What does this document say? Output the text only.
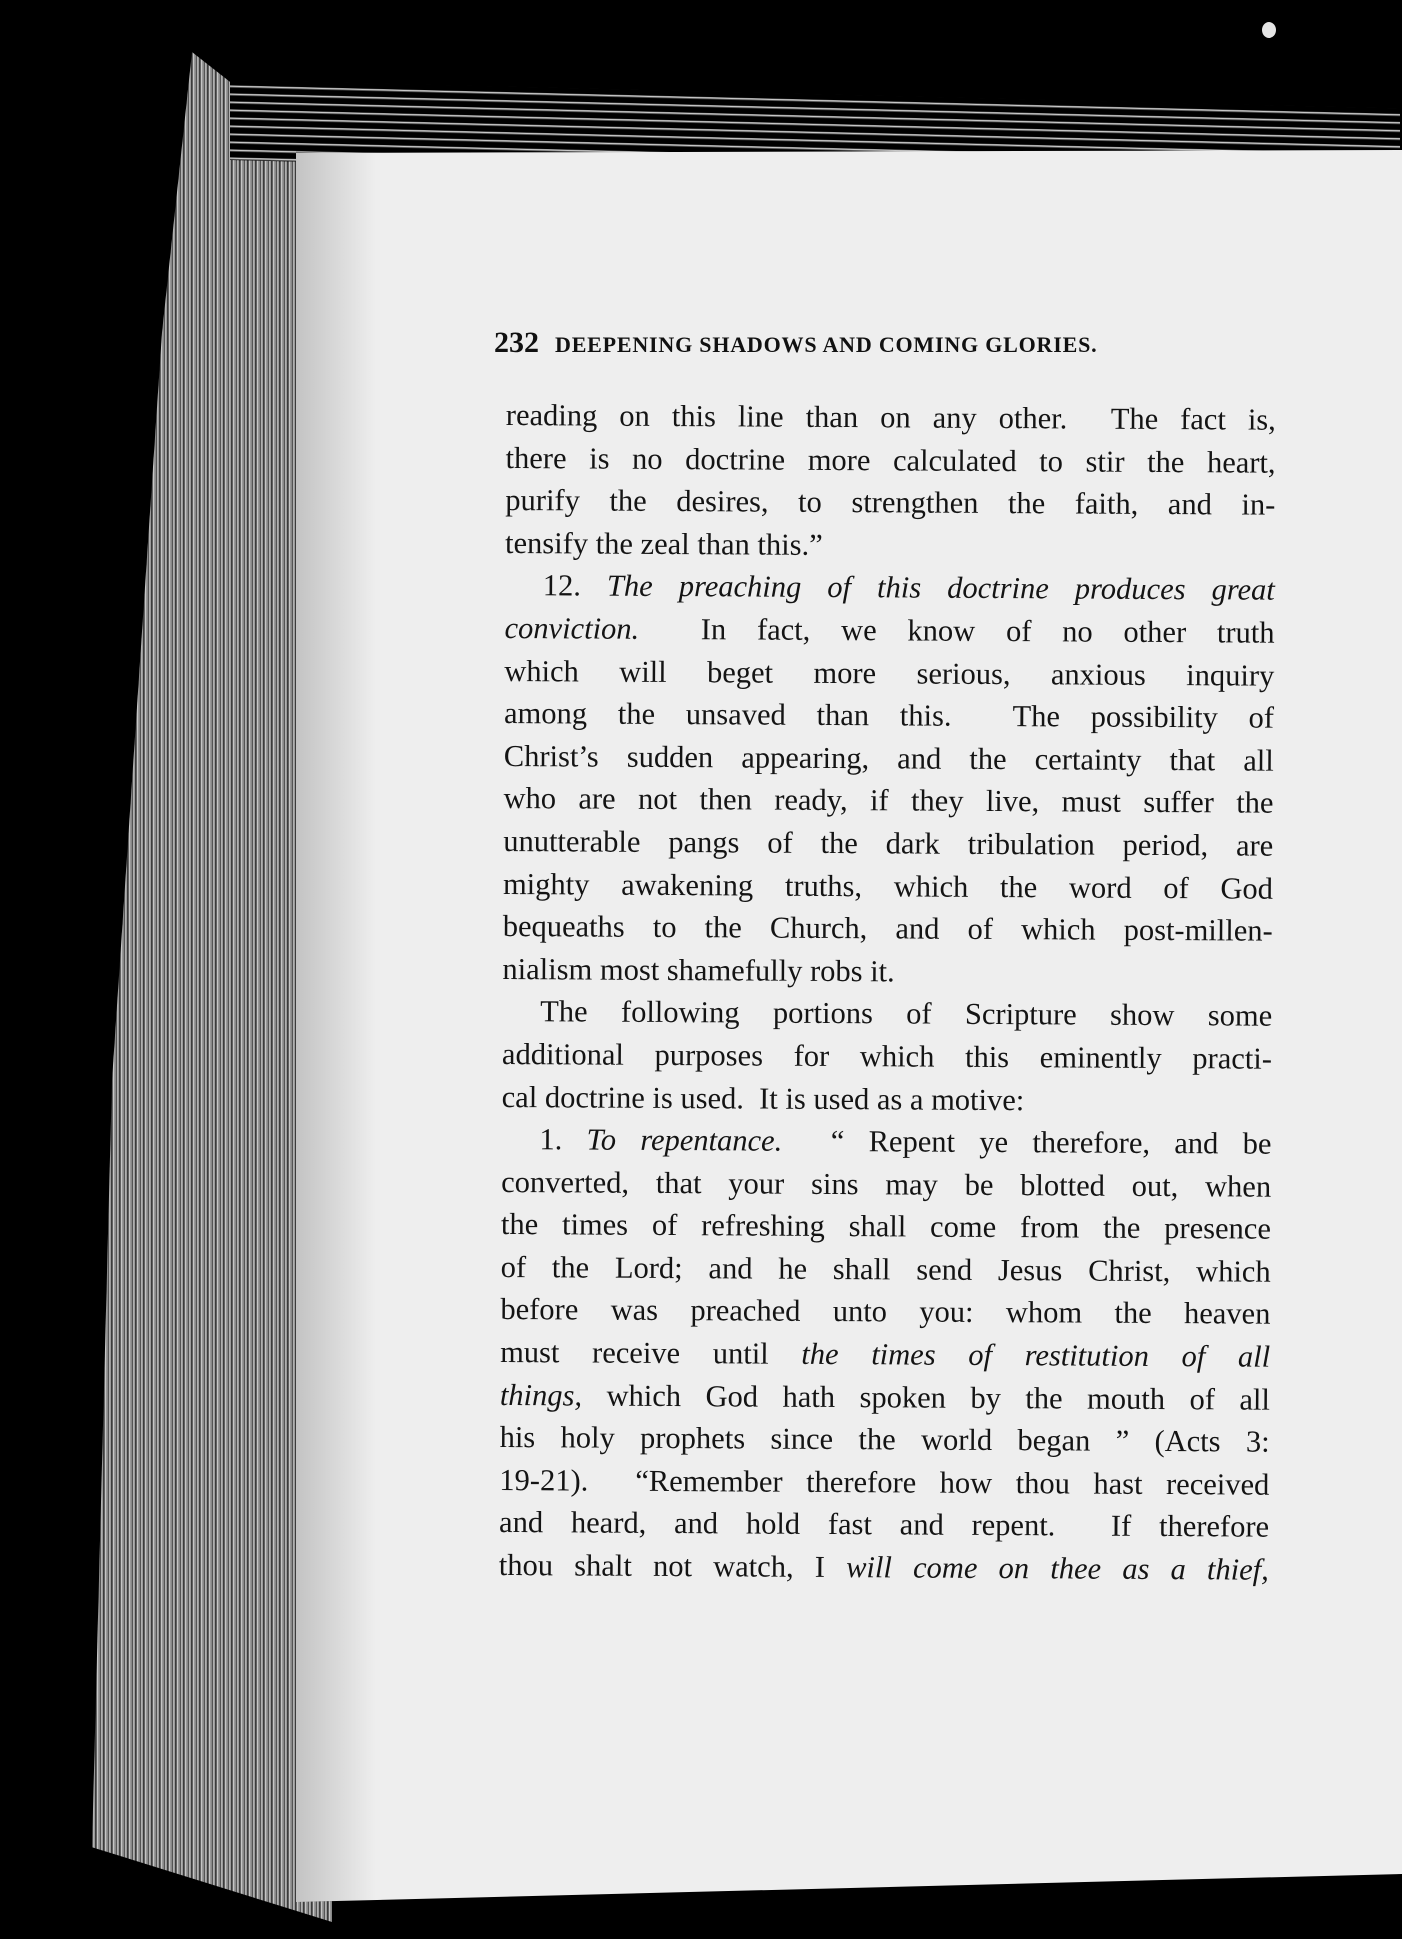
232 DEEPENING SHADOWS AND COMING GLORIES.
reading on this line than on any other.  The fact is,
there is no doctrine more calculated to stir the heart,
purify the desires, to strengthen the faith, and in-
tensify the zeal than this.”
12. The preaching of this doctrine produces great
conviction.  In fact, we know of no other truth
which will beget more serious, anxious inquiry
among the unsaved than this.  The possibility of
Christ’s sudden appearing, and the certainty that all
who are not then ready, if they live, must suffer the
unutterable pangs of the dark tribulation period, are
mighty awakening truths, which the word of God
bequeaths to the Church, and of which post-millen-
nialism most shamefully robs it.
The following portions of Scripture show some
additional purposes for which this eminently practi-
cal doctrine is used.  It is used as a motive:
1. To repentance.  “ Repent ye therefore, and be
converted, that your sins may be blotted out, when
the times of refreshing shall come from the presence
of the Lord; and he shall send Jesus Christ, which
before was preached unto you: whom the heaven
must receive until the times of restitution of all
things, which God hath spoken by the mouth of all
his holy prophets since the world began ” (Acts 3:
19-21).  “Remember therefore how thou hast received
and heard, and hold fast and repent.  If therefore
thou shalt not watch, I will come on thee as a thief,
